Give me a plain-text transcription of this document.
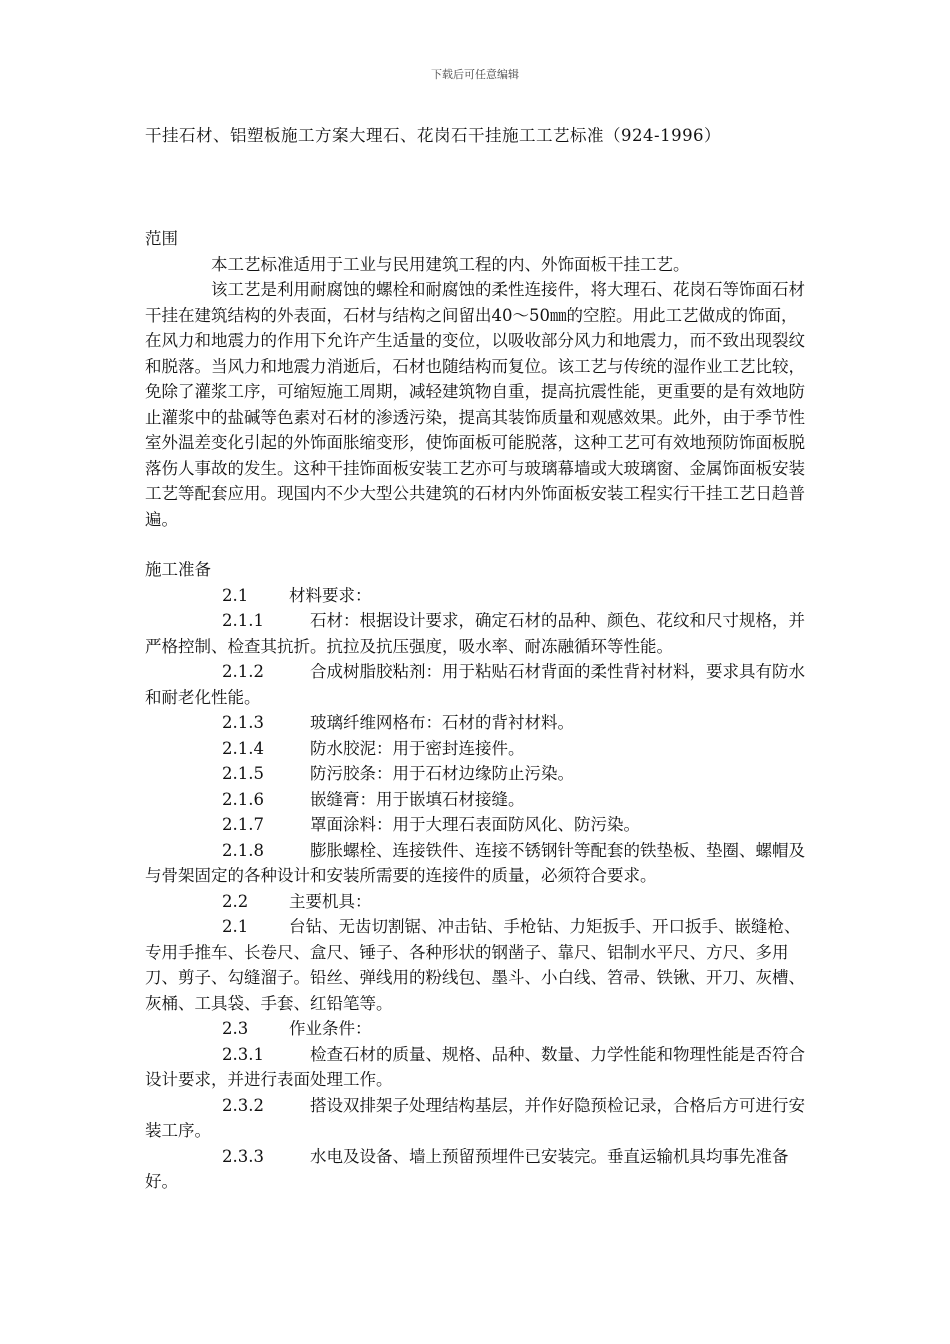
下载后可任意编辑
干挂石材、铝塑板施工方案大理石、花岗石干挂施工工艺标准（924-1996）

范围

本工艺标准适用于工业与民用建筑工程的内、外饰面板干挂工艺。

该工艺是利用耐腐蚀的螺栓和耐腐蚀的柔性连接件，将大理石、花岗石等饰面石材干挂在建筑结构的外表面，石材与结构之间留出40～50㎜的空腔。用此工艺做成的饰面，在风力和地震力的作用下允许产生适量的变位，以吸收部分风力和地震力，而不致出现裂纹和脱落。当风力和地震力消逝后，石材也随结构而复位。该工艺与传统的湿作业工艺比较，免除了灌浆工序，可缩短施工周期，减轻建筑物自重，提高抗震性能，更重要的是有效地防止灌浆中的盐碱等色素对石材的渗透污染，提高其装饰质量和观感效果。此外，由于季节性室外温差变化引起的外饰面胀缩变形，使饰面板可能脱落，这种工艺可有效地预防饰面板脱落伤人事故的发生。这种干挂饰面板安装工艺亦可与玻璃幕墙或大玻璃窗、金属饰面板安装工艺等配套应用。现国内不少大型公共建筑的石材内外饰面板安装工程实行干挂工艺日趋普遍。

施工准备

2.1 材料要求：

2.1.1	石材：根据设计要求，确定石材的品种、颜色、花纹和尺寸规格，并严格控制、检查其抗折。抗拉及抗压强度，吸水率、耐冻融循环等性能。

2.1.2	合成树脂胶粘剂：用于粘贴石材背面的柔性背衬材料，要求具有防水和耐老化性能。

2.1.3	玻璃纤维网格布：石材的背衬材料。

2.1.4	防水胶泥：用于密封连接件。

2.1.5	防污胶条：用于石材边缘防止污染。

2.1.6	嵌缝膏：用于嵌填石材接缝。

2.1.7	罩面涂料：用于大理石表面防风化、防污染。

2.1.8	膨胀螺栓、连接铁件、连接不锈钢针等配套的铁垫板、垫圈、螺帽及与骨架固定的各种设计和安装所需要的连接件的质量，必须符合要求。

2.2 主要机具：

2.1 台钻、无齿切割锯、冲击钻、手枪钻、力矩扳手、开口扳手、嵌缝枪、专用手推车、长卷尺、盒尺、锤子、各种形状的钢凿子、靠尺、铝制水平尺、方尺、多用刀、剪子、勾缝溜子。铅丝、弹线用的粉线包、墨斗、小白线、笤帚、铁锹、开刀、灰槽、灰桶、工具袋、手套、红铅笔等。

2.3 作业条件：

2.3.1	检查石材的质量、规格、品种、数量、力学性能和物理性能是否符合设计要求，并进行表面处理工作。

2.3.2	搭设双排架子处理结构基层，并作好隐预检记录，合格后方可进行安装工序。

2.3.3	水电及设备、墙上预留预埋件已安装完。垂直运输机具均事先准备好。
